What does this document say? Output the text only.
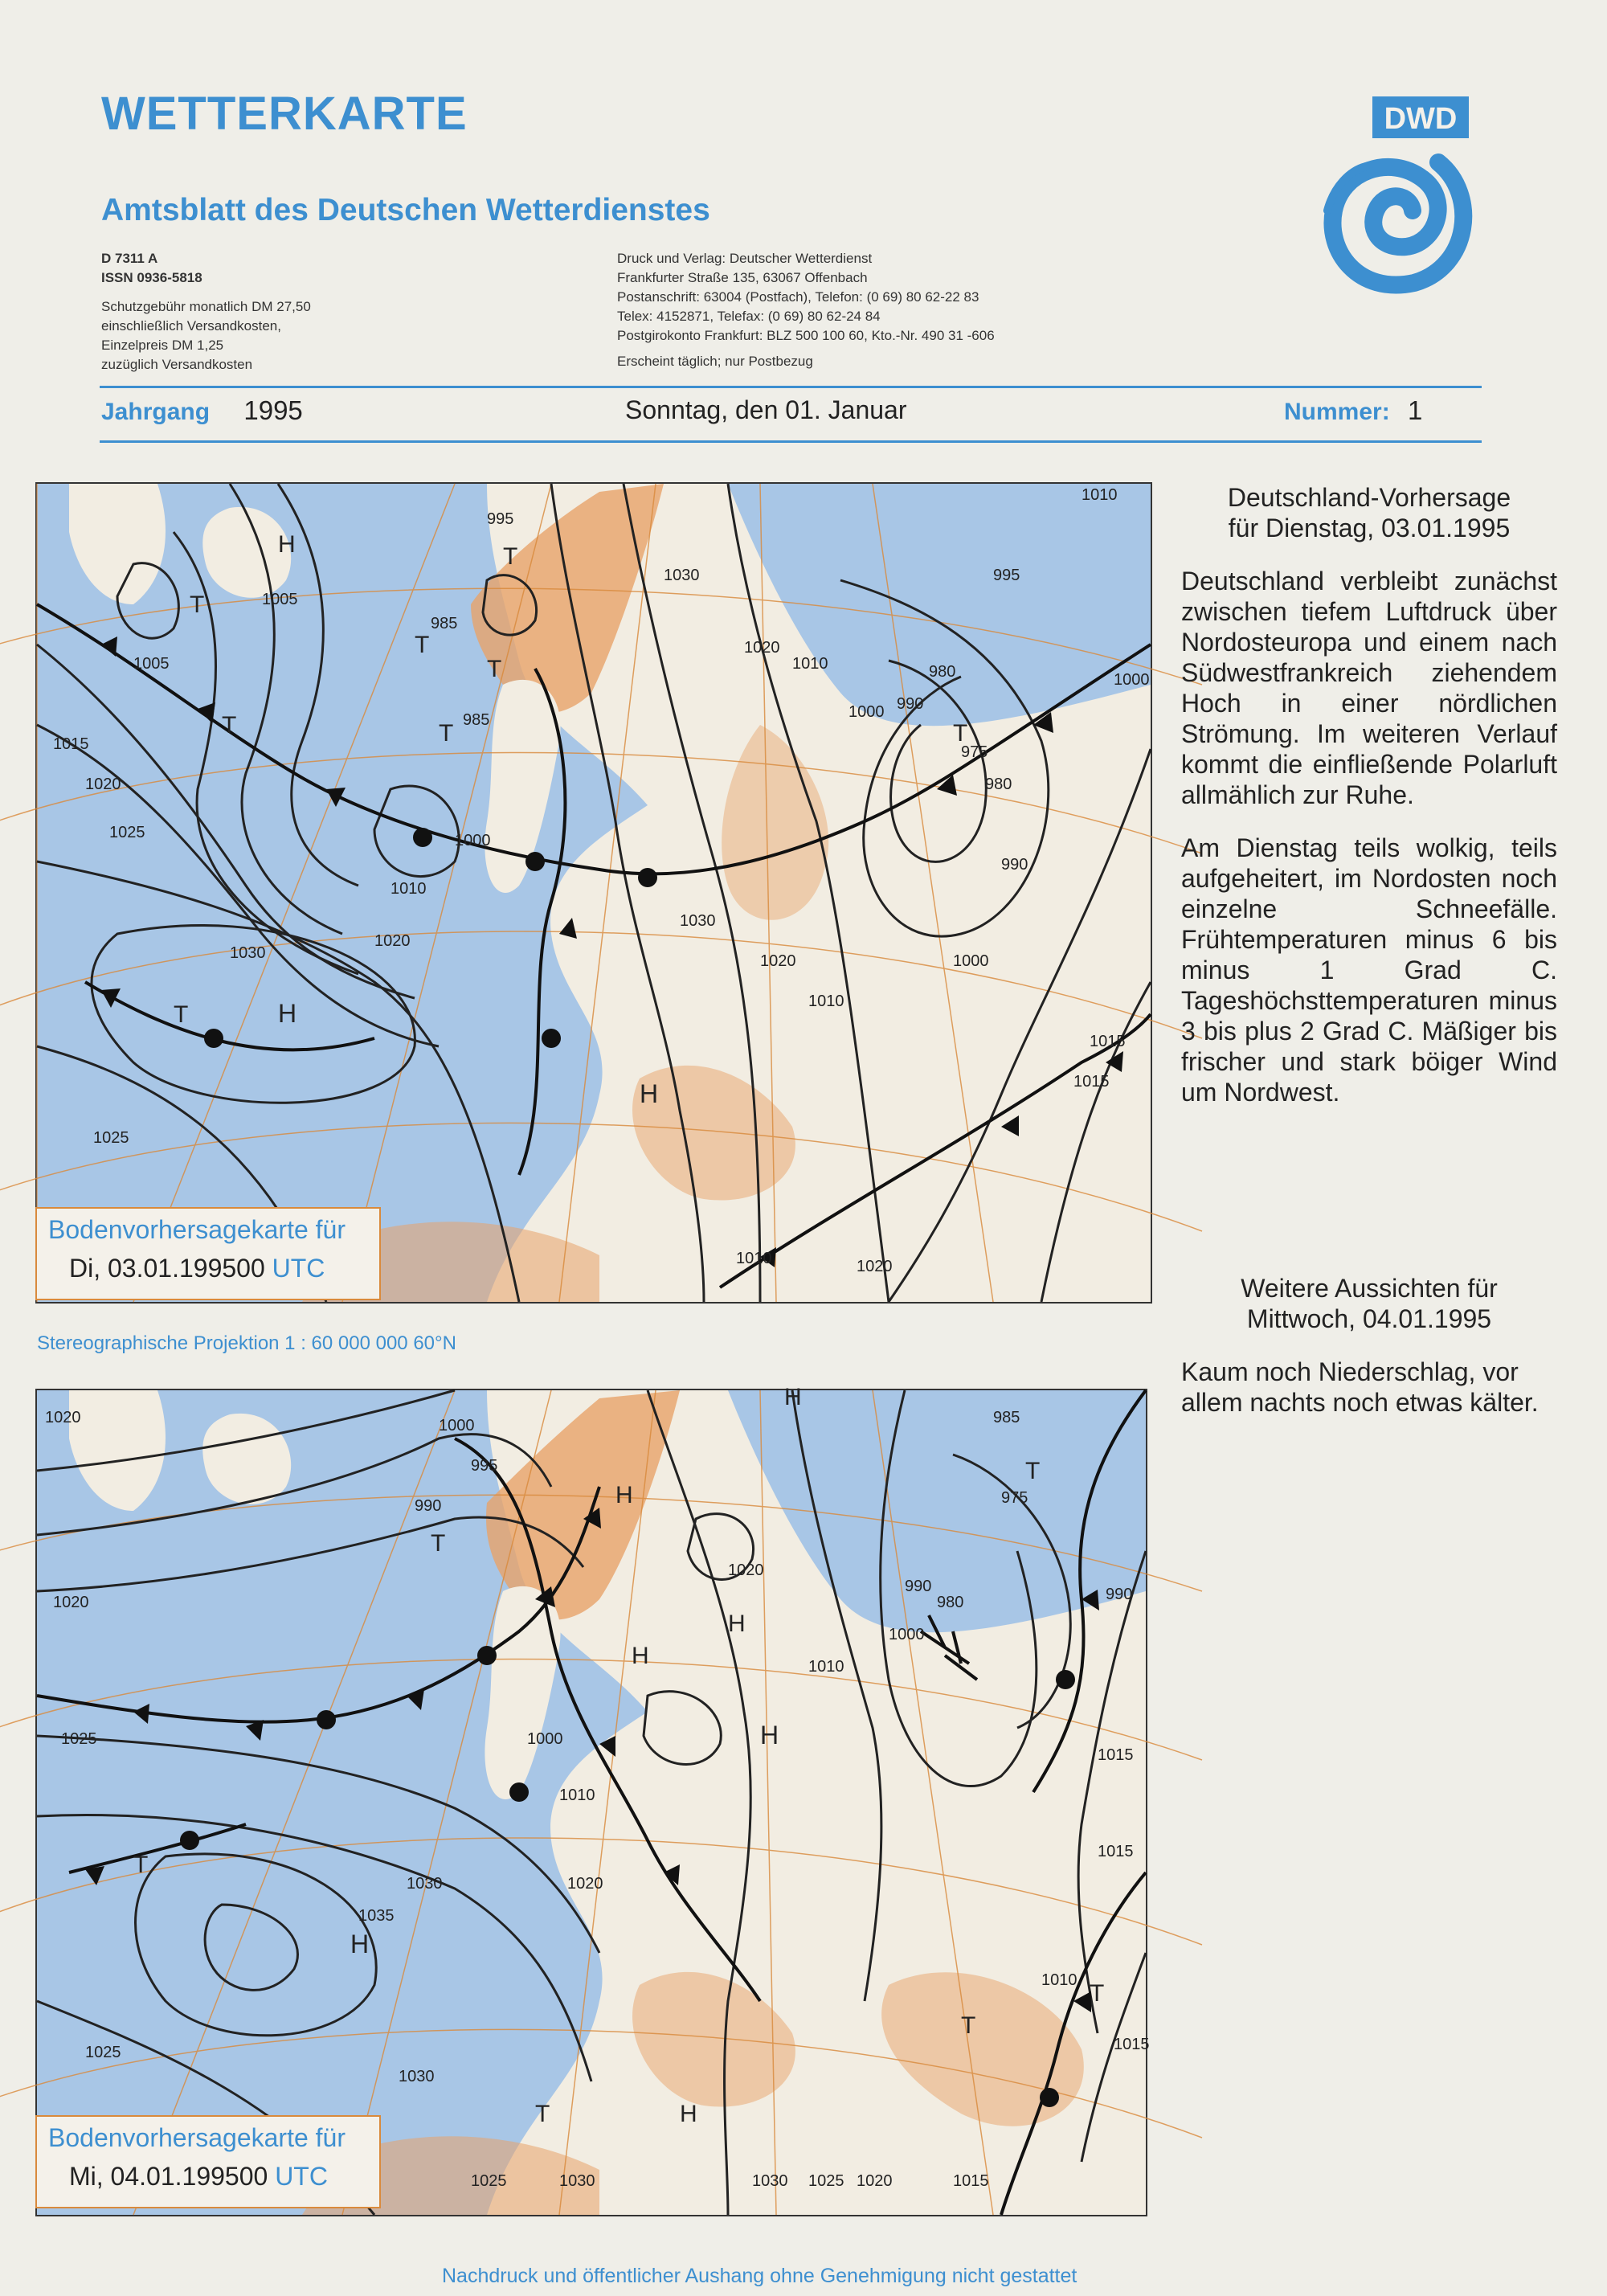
WETTERKARTE
Amtsblatt des Deutschen Wetterdienstes
D 7311 A
ISSN 0936-5818
Schutzgebühr monatlich DM 27,50
einschließlich Versandkosten,
Einzelpreis DM 1,25
zuzüglich Versandkosten
Druck und Verlag: Deutscher Wetterdienst
Frankfurter Straße 135, 63067 Offenbach
Postanschrift: 63004 (Postfach), Telefon: (0 69) 80 62-22 83
Telex: 4152871, Telefax: (0 69) 80 62-24 84
Postgirokonto Frankfurt: BLZ 500 100 60, Kto.-Nr. 490 31 -606
Erscheint täglich; nur Postbezug
DWD
Jahrgang 1995	Sonntag, den 01. Januar	Nummer: 1
H
H
H
T
T
T
T
T
T
T
T
995
1005
1005
985
985
1000
1010
1015
1020
1025
1030
1020
1025
1030
1020
1010
1000 990
980
975
995
1000
990
980
1000
1010
1030
1020
1010
1015
1020
1015
1010
Bodenvorhersagekarte für
Di, 03.01.199500 UTC
Stereographische Projektion 1 : 60 000 000 60°N
H
H
H
H
H
H
H
T
T
T
T
T
T
1020	1000
995
990
1020
1025	1000
1010
1030
1035
1020
1030
1025
1020
1010
1000
990
980
985
975
990
1015
1015
1010
1015
1025	1030	1030 1025 1020	1015
Bodenvorhersagekarte für
Mi, 04.01.199500 UTC
Deutschland-Vorhersage
für Dienstag, 03.01.1995

Deutschland verbleibt zunächst zwischen tiefem Luftdruck über Nordosteuropa und einem nach Südwestfrankreich ziehendem Hoch in einer nördlichen Strömung. Im weiteren Verlauf kommt die einfließende Polarluft allmählich zur Ruhe.

Am Dienstag teils wolkig, teils aufgeheitert, im Nordosten noch einzelne Schneefälle. Frühtemperaturen minus 6 bis minus 1 Grad C. Tageshöchsttemperaturen minus 3 bis plus 2 Grad C. Mäßiger bis frischer und stark böiger Wind um Nordwest.

Weitere Aussichten für
Mittwoch, 04.01.1995

Kaum noch Niederschlag, vor allem nachts noch etwas kälter.

Nachdruck und öffentlicher Aushang ohne Genehmigung nicht gestattet
